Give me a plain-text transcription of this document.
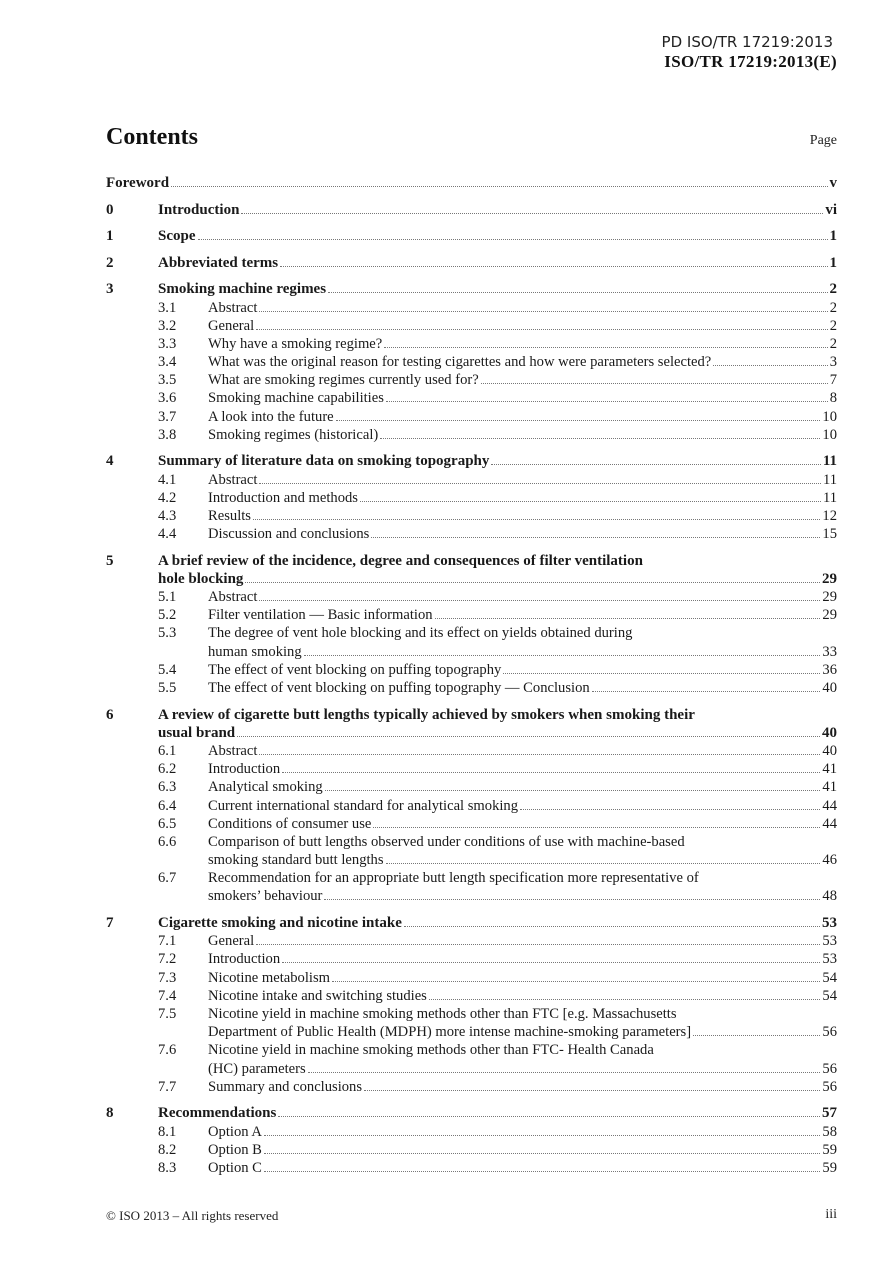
PD ISO/TR 17219:2013
ISO/TR 17219:2013(E)
Contents	Page
Foreword	v
0	Introduction	vi
1	Scope	1
2	Abbreviated terms	1
3	Smoking machine regimes	2
3.1 Abstract	2
3.2 General	2
3.3 Why have a smoking regime?	2
3.4 What was the original reason for testing cigarettes and how were parameters selected?	3
3.5 What are smoking regimes currently used for?	7
3.6 Smoking machine capabilities	8
3.7 A look into the future	10
3.8 Smoking regimes (historical)	10
4	Summary of literature data on smoking topography	11
4.1 Abstract	11
4.2 Introduction and methods	11
4.3 Results	12
4.4 Discussion and conclusions	15
5	A brief review of the incidence, degree and consequences of filter ventilation
hole blocking	29
5.1 Abstract	29
5.2 Filter ventilation — Basic information	29
5.3 The degree of vent hole blocking and its effect on yields obtained during
human smoking	33
5.4 The effect of vent blocking on puffing topography	36
5.5 The effect of vent blocking on puffing topography — Conclusion	40
6	A review of cigarette butt lengths typically achieved by smokers when smoking their
usual brand	40
6.1 Abstract	40
6.2 Introduction	41
6.3 Analytical smoking	41
6.4 Current international standard for analytical smoking	44
6.5 Conditions of consumer use	44
6.6 Comparison of butt lengths observed under conditions of use with machine-based
smoking standard butt lengths	46
6.7 Recommendation for an appropriate butt length specification more representative of
smokers’ behaviour	48
7	Cigarette smoking and nicotine intake	53
7.1 General	53
7.2 Introduction	53
7.3 Nicotine metabolism	54
7.4 Nicotine intake and switching studies	54
7.5 Nicotine yield in machine smoking methods other than FTC [e.g. Massachusetts
Department of Public Health (MDPH) more intense machine-smoking parameters]	56
7.6 Nicotine yield in machine smoking methods other than FTC- Health Canada
(HC) parameters	56
7.7 Summary and conclusions	56
8	Recommendations	57
8.1 Option A	58
8.2 Option B	59
8.3 Option C	59
© ISO 2013 – All rights reserved	iii
